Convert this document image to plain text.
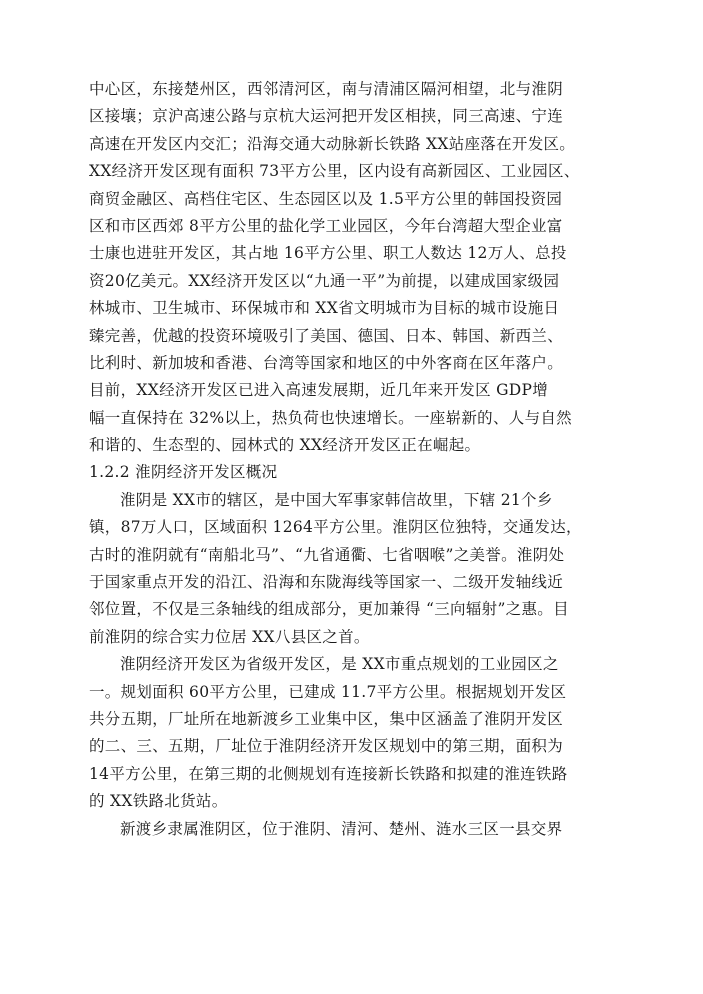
中心区，东接楚州区，西邻清河区，南与清浦区隔河相望，北与淮阴
区接壤；京沪高速公路与京杭大运河把开发区相挟，同三高速、宁连
高速在开发区内交汇；沿海交通大动脉新长铁路 XX站座落在开发区。
XX经济开发区现有面积 73平方公里，区内设有高新园区、工业园区、
商贸金融区、高档住宅区、生态园区以及 1.5平方公里的韩国投资园
区和市区西郊 8平方公里的盐化学工业园区，今年台湾超大型企业富
士康也进驻开发区，其占地 16平方公里、职工人数达 12万人、总投
资20亿美元。XX经济开发区以“九通一平”为前提，以建成国家级园
林城市、卫生城市、环保城市和 XX省文明城市为目标的城市设施日
臻完善，优越的投资环境吸引了美国、德国、日本、韩国、新西兰、
比利时、新加坡和香港、台湾等国家和地区的中外客商在区年落户。
目前，XX经济开发区已进入高速发展期，近几年来开发区 GDP增
幅一直保持在 32%以上，热负荷也快速增长。一座崭新的、人与自然
和谐的、生态型的、园林式的 XX经济开发区正在崛起。
1.2.2 淮阴经济开发区概况
淮阴是 XX市的辖区，是中国大军事家韩信故里，下辖 21个乡
镇，87万人口，区域面积 1264平方公里。淮阴区位独特，交通发达，
古时的淮阴就有“南船北马”、“九省通衢、七省咽喉”之美誉。淮阴处
于国家重点开发的沿江、沿海和东陇海线等国家一、二级开发轴线近
邻位置，不仅是三条轴线的组成部分，更加兼得 “三向辐射”之惠。目
前淮阴的综合实力位居 XX八县区之首。
淮阴经济开发区为省级开发区，是 XX市重点规划的工业园区之
一。规划面积 60平方公里，已建成 11.7平方公里。根据规划开发区
共分五期，厂址所在地新渡乡工业集中区，集中区涵盖了淮阴开发区
的二、三、五期，厂址位于淮阴经济开发区规划中的第三期，面积为
14平方公里，在第三期的北侧规划有连接新长铁路和拟建的淮连铁路
的 XX铁路北货站。
新渡乡隶属淮阴区，位于淮阴、清河、楚州、涟水三区一县交界
